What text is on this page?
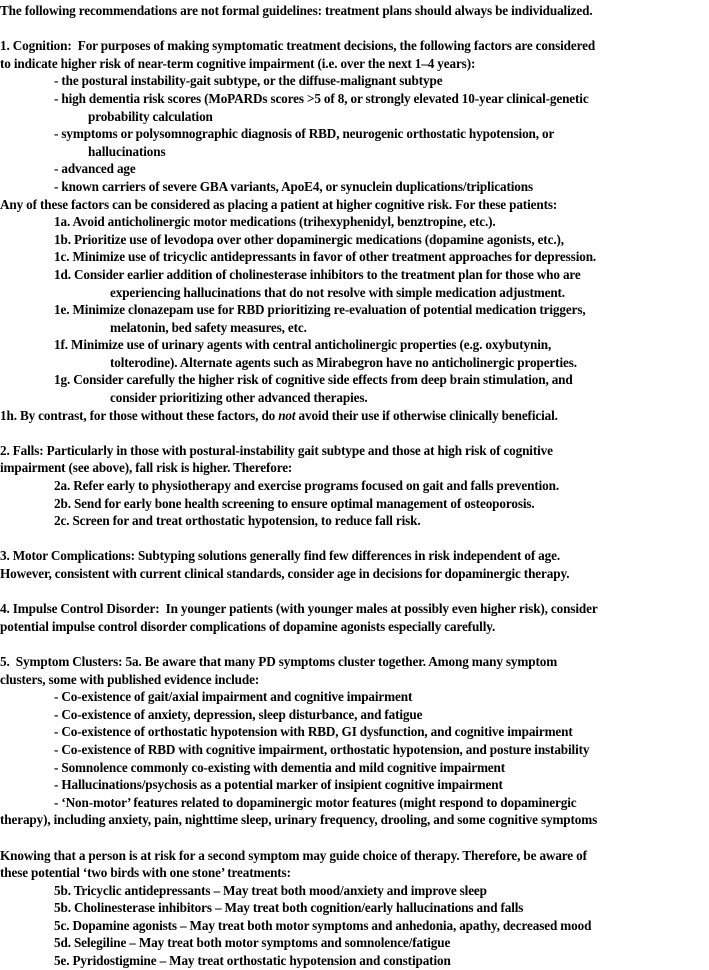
The following recommendations are not formal guidelines: treatment plans should always be individualized.
1. Cognition:  For purposes of making symptomatic treatment decisions, the following factors are considered
to indicate higher risk of near-term cognitive impairment (i.e. over the next 1–4 years):
- the postural instability-gait subtype, or the diffuse-malignant subtype
- high dementia risk scores (MoPARDs scores >5 of 8, or strongly elevated 10-year clinical-genetic
probability calculation
- symptoms or polysomnographic diagnosis of RBD, neurogenic orthostatic hypotension, or
hallucinations
- advanced age
- known carriers of severe GBA variants, ApoE4, or synuclein duplications/triplications
Any of these factors can be considered as placing a patient at higher cognitive risk. For these patients:
1a. Avoid anticholinergic motor medications (trihexyphenidyl, benztropine, etc.).
1b. Prioritize use of levodopa over other dopaminergic medications (dopamine agonists, etc.),
1c. Minimize use of tricyclic antidepressants in favor of other treatment approaches for depression.
1d. Consider earlier addition of cholinesterase inhibitors to the treatment plan for those who are
experiencing hallucinations that do not resolve with simple medication adjustment.
1e. Minimize clonazepam use for RBD prioritizing re-evaluation of potential medication triggers,
melatonin, bed safety measures, etc.
1f. Minimize use of urinary agents with central anticholinergic properties (e.g. oxybutynin,
tolterodine). Alternate agents such as Mirabegron have no anticholinergic properties.
1g. Consider carefully the higher risk of cognitive side effects from deep brain stimulation, and
consider prioritizing other advanced therapies.
1h. By contrast, for those without these factors, do not avoid their use if otherwise clinically beneficial.
2. Falls: Particularly in those with postural-instability gait subtype and those at high risk of cognitive
impairment (see above), fall risk is higher. Therefore:
2a. Refer early to physiotherapy and exercise programs focused on gait and falls prevention.
2b. Send for early bone health screening to ensure optimal management of osteoporosis.
2c. Screen for and treat orthostatic hypotension, to reduce fall risk.
3. Motor Complications: Subtyping solutions generally find few differences in risk independent of age.
However, consistent with current clinical standards, consider age in decisions for dopaminergic therapy.
4. Impulse Control Disorder:  In younger patients (with younger males at possibly even higher risk), consider
potential impulse control disorder complications of dopamine agonists especially carefully.
5.  Symptom Clusters: 5a. Be aware that many PD symptoms cluster together. Among many symptom
clusters, some with published evidence include:
- Co-existence of gait/axial impairment and cognitive impairment
- Co-existence of anxiety, depression, sleep disturbance, and fatigue
- Co-existence of orthostatic hypotension with RBD, GI dysfunction, and cognitive impairment
- Co-existence of RBD with cognitive impairment, orthostatic hypotension, and posture instability
- Somnolence commonly co-existing with dementia and mild cognitive impairment
- Hallucinations/psychosis as a potential marker of insipient cognitive impairment
- ‘Non-motor’ features related to dopaminergic motor features (might respond to dopaminergic
therapy), including anxiety, pain, nighttime sleep, urinary frequency, drooling, and some cognitive symptoms
Knowing that a person is at risk for a second symptom may guide choice of therapy. Therefore, be aware of
these potential ‘two birds with one stone’ treatments:
5b. Tricyclic antidepressants – May treat both mood/anxiety and improve sleep
5b. Cholinesterase inhibitors – May treat both cognition/early hallucinations and falls
5c. Dopamine agonists – May treat both motor symptoms and anhedonia, apathy, decreased mood
5d. Selegiline – May treat both motor symptoms and somnolence/fatigue
5e. Pyridostigmine – May treat orthostatic hypotension and constipation
